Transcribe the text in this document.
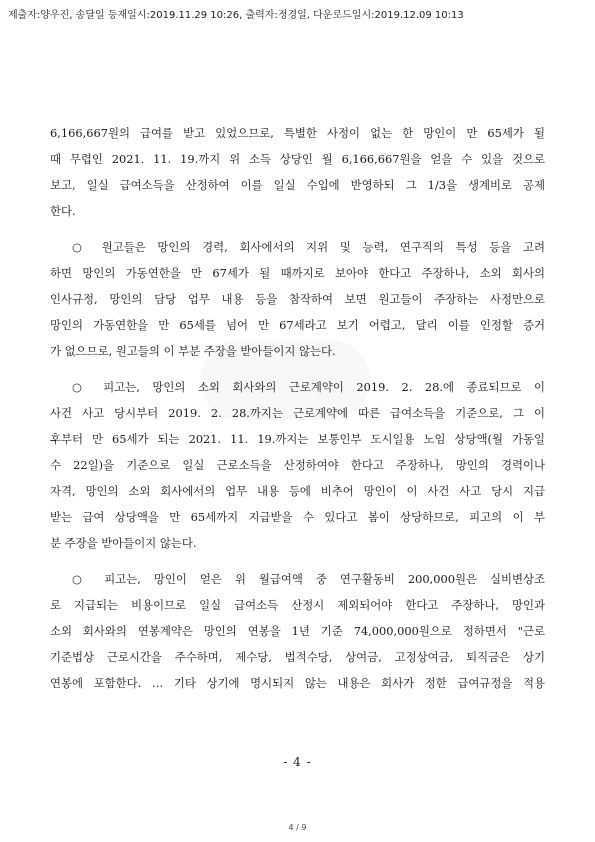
제출자:양우진, 송달일 등재일시:2019.11.29 10:26, 출력자:정경일, 다운로드일시:2019.12.09 10:13
6,166,667원의 급여를 받고 있었으므로, 특별한 사정이 없는 한 망인이 만 65세가 될
때 무렵인 2021. 11. 19.까지 위 소득 상당인 월 6,166,667원을 얻을 수 있을 것으로
보고, 일실 급여소득을 산정하여 이를 일실 수입에 반영하되 그 1/3을 생계비로 공제
한다.
○ 원고들은 망인의 경력, 회사에서의 지위 및 능력, 연구직의 특성 등을 고려
하면 망인의 가동연한을 만 67세가 될 때까지로 보아야 한다고 주장하나, 소외 회사의
인사규정, 망인의 담당 업무 내용 등을 참작하여 보면 원고들이 주장하는 사정만으로
망인의 가동연한을 만 65세를 넘어 만 67세라고 보기 어렵고, 달리 이를 인정할 증거
가 없으므로, 원고들의 이 부분 주장을 받아들이지 않는다.
○ 피고는, 망인의 소외 회사와의 근로계약이 2019. 2. 28.에 종료되므로 이
사건 사고 당시부터 2019. 2. 28.까지는 근로계약에 따른 급여소득을 기준으로, 그 이
후부터 만 65세가 되는 2021. 11. 19.까지는 보통인부 도시일용 노임 상당액(월 가동일
수 22일)을 기준으로 일실 근로소득을 산정하여야 한다고 주장하나, 망인의 경력이나
자격, 망인의 소외 회사에서의 업무 내용 등에 비추어 망인이 이 사건 사고 당시 지급
받는 급여 상당액을 만 65세까지 지급받을 수 있다고 봄이 상당하므로, 피고의 이 부
분 주장을 받아들이지 않는다.
○ 피고는, 망인이 얻은 위 월급여액 중 연구활동비 200,000원은 실비변상조
로 지급되는 비용이므로 일실 급여소득 산정시 제외되어야 한다고 주장하나, 망인과
소외 회사와의 연봉계약은 망인의 연봉을 1년 기준 74,000,000원으로 정하면서 "근로
기준법상 근로시간을 주수하며, 제수당, 법적수당, 상여금, 고정상여금, 퇴직금은 상기
연봉에 포함한다. … 기타 상기에 명시되지 않는 내용은 회사가 정한 급여규정을 적용
- 4 -
4 / 9
